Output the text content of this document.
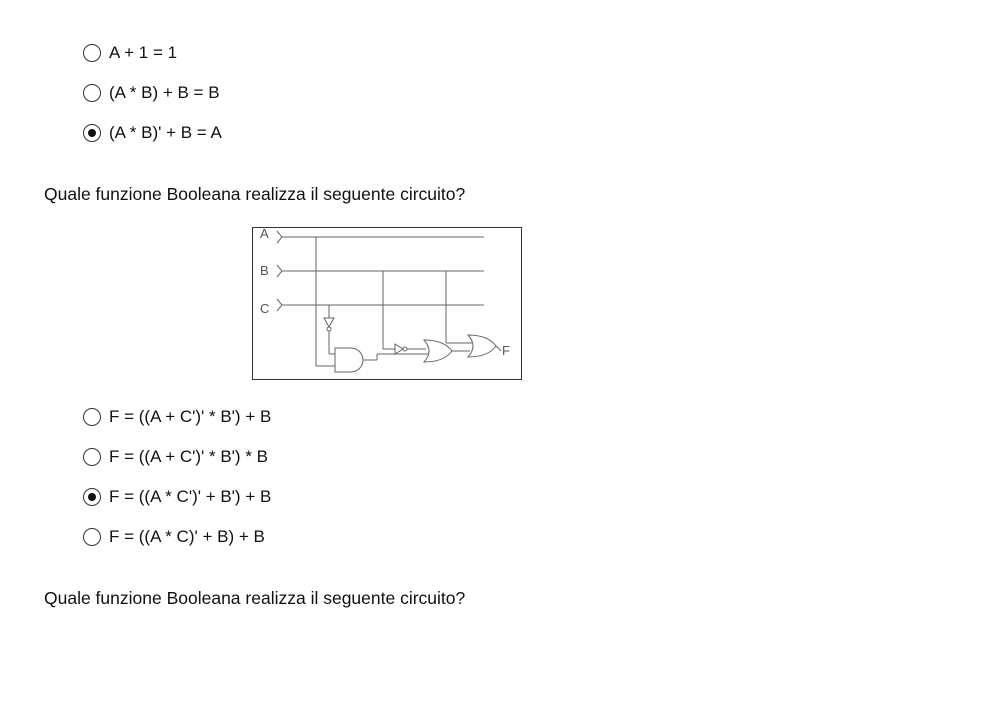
A + 1 = 1
(A * B) + B = B
(A * B)' + B = A
Quale funzione Booleana realizza il seguente circuito?
A
B
C
F
F = ((A + C')' * B') + B
F = ((A + C')' * B') * B
F = ((A * C')' + B') + B
F = ((A * C)' + B) + B
Quale funzione Booleana realizza il seguente circuito?
